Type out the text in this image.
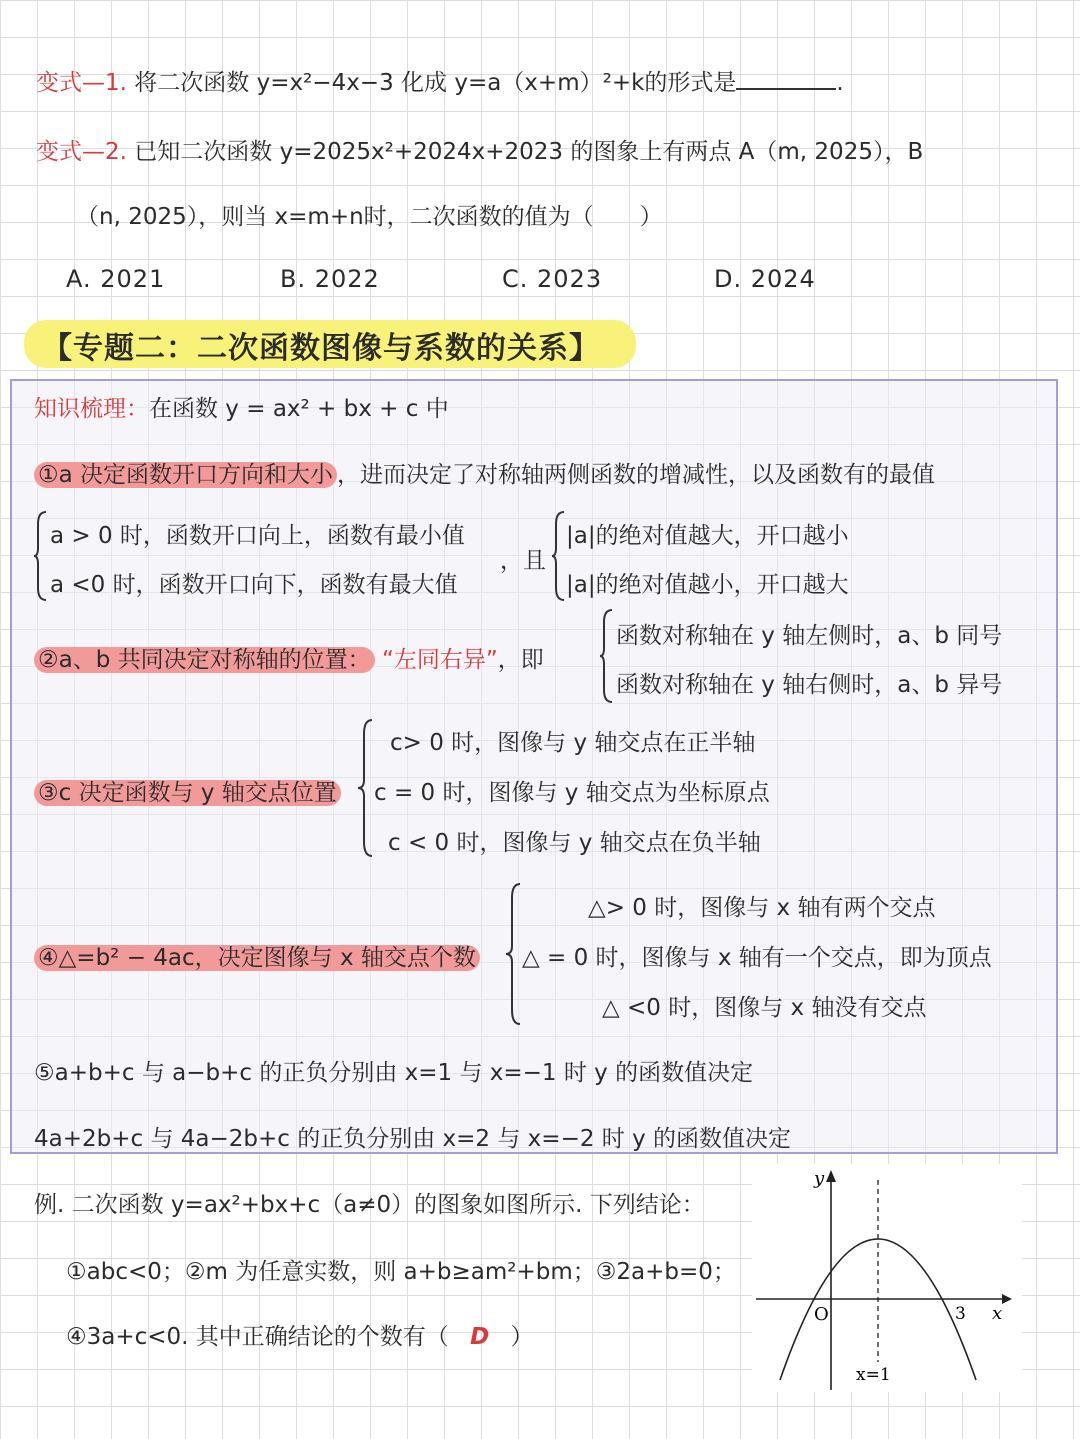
变式—1. 将二次函数 y=x²−4x−3 化成 y=a（x+m）²+k的形式是	.
变式—2. 已知二次函数 y=2025x²+2024x+2023 的图象上有两点 A（m, 2025），B
（n, 2025），则当 x=m+n时，二次函数的值为（　　）
A. 2021	B. 2022	C. 2023	D. 2024
【专题二：二次函数图像与系数的关系】
知识梳理：在函数 y = ax² + bx + c 中
①a 决定函数开口方向和大小 ，进而决定了对称轴两侧函数的增减性，以及函数有的最值
a > 0 时，函数开口向上，函数有最小值
a <0 时，函数开口向下，函数有最大值
，且
|a|的绝对值越大，开口越小
|a|的绝对值越小，开口越大
②a、b 共同决定对称轴的位置： “左同右异”，即
函数对称轴在 y 轴左侧时，a、b 同号
函数对称轴在 y 轴右侧时，a、b 异号
③c 决定函数与 y 轴交点位置
c> 0 时，图像与 y 轴交点在正半轴
c = 0 时，图像与 y 轴交点为坐标原点
c < 0 时，图像与 y 轴交点在负半轴
④△=b² − 4ac，决定图像与 x 轴交点个数
△> 0 时，图像与 x 轴有两个交点
△ = 0 时，图像与 x 轴有一个交点，即为顶点
△ <0 时，图像与 x 轴没有交点
⑤a+b+c 与 a−b+c 的正负分别由 x=1 与 x=−1 时 y 的函数值决定
4a+2b+c 与 4a−2b+c 的正负分别由 x=2 与 x=−2 时 y 的函数值决定
例. 二次函数 y=ax²+bx+c（a≠0）的图象如图所示. 下列结论：
①abc<0；②m 为任意实数，则 a+b≥am²+bm；③2a+b=0；
④3a+c<0. 其中正确结论的个数有（ D ）
y
x
O	3
x=1
